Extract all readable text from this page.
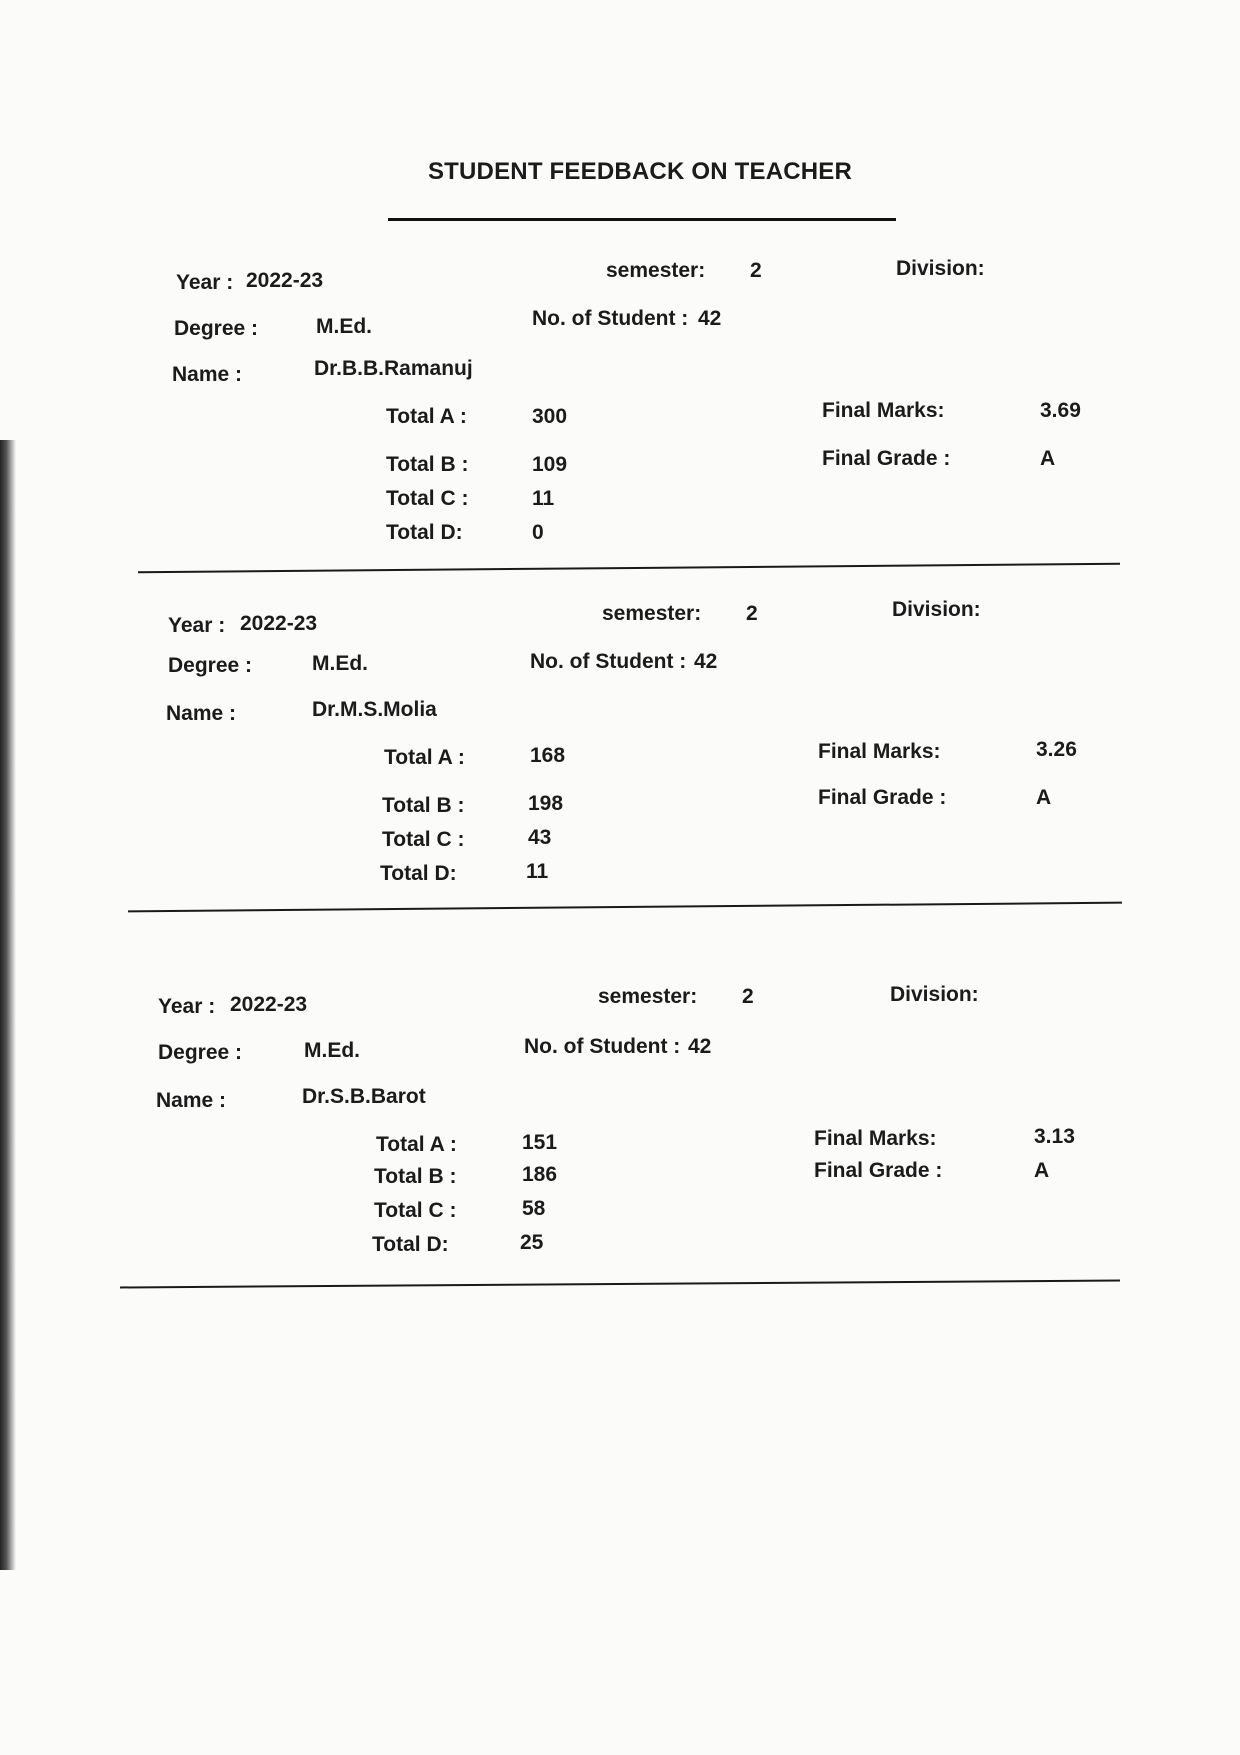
STUDENT FEEDBACK ON TEACHER
Year : 2022-23	semester: 2	Division:
Degree :	M.Ed.	No. of Student : 42
Name :	Dr.B.B.Ramanuj
Total A :	300	Final Marks:	3.69
Total B :	109	Final Grade :	A
Total C :	11
Total D:	0
Year : 2022-23	semester: 2	Division:
Degree :	M.Ed.	No. of Student : 42
Name :	Dr.M.S.Molia
Total A :	168	Final Marks:	3.26
Total B :	198	Final Grade :	A
Total C :	43
Total D:	11
Year : 2022-23	semester: 2	Division:
Degree :	M.Ed.	No. of Student : 42
Name :	Dr.S.B.Barot
Total A :	151	Final Marks:	3.13
Total B :	186	Final Grade :	A
Total C :	58
Total D:	25
